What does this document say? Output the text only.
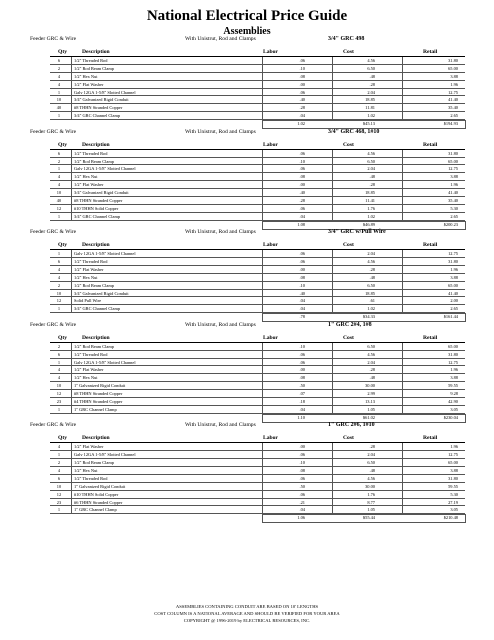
National Electrical Price Guide
Assemblies
Feeder GRC & Wire	With Unistrut, Rod and Clamps	3/4" GRC 498
Qty	Description	Labor	Cost	Retail
6	1/2" Threaded Rod	.06	4.56	31.80
2	1/2" Rod Beam Clamp	.10	6.50	65.00
4	1/2" Hex Nut	.08	.48	3.88
4	1/2" Flat Washer	.00	.28	1.96
1	Galv 12GA 1-5/8" Slotted Channel	.06	2.04	12.75
10	3/4" Galvanized Rigid Conduit	.40	18.85	41.40
40	#8 THHN Stranded Copper	.28	11.81	35.40
1	3/4" GRC Channel Clamp	.04	1.02	2.65
1.02	$45.13	$194.93
Feeder GRC & Wire	With Unistrut, Rod and Clamps	3/4" GRC 468, 1#10
Qty	Description	Labor	Cost	Retail
6	1/2" Threaded Rod	.06	4.56	31.80
2	1/2" Rod Beam Clamp	.10	6.50	65.00
1	Galv 12GA 1-5/8" Slotted Channel	.06	2.04	12.75
4	1/2" Hex Nut	.08	.48	3.88
4	1/2" Flat Washer	.00	.28	1.96
10	3/4" Galvanized Rigid Conduit	.40	18.85	41.40
40	#8 THHN Stranded Copper	.28	11.41	35.40
12	#10 THHN Solid Copper	.06	1.76	5.30
1	3/4" GRC Channel Clamp	.04	1.02	2.65
1.08	$46.89	$200.23
Feeder GRC & Wire	With Unistrut, Rod and Clamps	3/4" GRC w/Pull Wire
Qty	Description	Labor	Cost	Retail
1	Galv 12GA 1-5/8" Slotted Channel	.06	2.04	12.75
6	1/2" Threaded Rod	.06	4.56	31.80
4	1/2" Flat Washer	.00	.28	1.96
4	1/2" Hex Nut	.08	.48	3.88
2	1/2" Rod Beam Clamp	.10	6.50	65.00
10	3/4" Galvanized Rigid Conduit	.40	18.85	41.40
12	Solid Pull Wire	.04	.61	2.00
1	3/4" GRC Channel Clamp	.04	1.02	2.65
.78	$34.33	$161.44
Feeder GRC & Wire	With Unistrut, Rod and Clamps	1" GRC 2#4, 1#8
Qty	Description	Labor	Cost	Retail
2	1/2" Rod Beam Clamp	.10	6.50	65.00
6	1/2" Threaded Rod	.06	4.56	31.80
1	Galv 12GA 1-5/8" Slotted Channel	.06	2.04	12.75
4	1/2" Flat Washer	.00	.28	1.96
4	1/2" Hex Nut	.08	.48	3.88
10	1" Galvanized Rigid Conduit	.50	30.00	59.55
12	#8 THHN Stranded Copper	.07	2.99	9.28
23	#4 THHN Stranded Copper	.18	13.13	42.90
1	1" GRC Channel Clamp	.04	1.05	3.05
1.10	$61.02	$230.04
Feeder GRC & Wire	With Unistrut, Rod and Clamps	1" GRC 2#6, 1#10
Qty	Description	Labor	Cost	Retail
4	1/2" Flat Washer	.00	.28	1.96
1	Galv 12GA 1-5/8" Slotted Channel	.06	2.04	12.75
2	1/2" Rod Beam Clamp	.10	6.50	65.00
4	1/2" Hex Nut	.08	.48	3.88
6	1/2" Threaded Rod	.06	4.56	31.80
10	1" Galvanized Rigid Conduit	.50	30.00	59.55
12	#10 THHN Solid Copper	.06	1.76	5.30
23	#6 THHN Stranded Copper	.21	8.77	27.19
1	1" GRC Channel Clamp	.04	1.05	3.05
1.06	$55.44	$210.48
ASSEMBLIES CONTAINING CONDUIT ARE BASED ON 10' LENGTHS
COST COLUMN IS A NATIONAL AVERAGE AND SHOULD BE VERIFIED FOR YOUR AREA
COPYRIGHT @ 1996-2019 by ELECTRICAL RESOURCES, INC.
